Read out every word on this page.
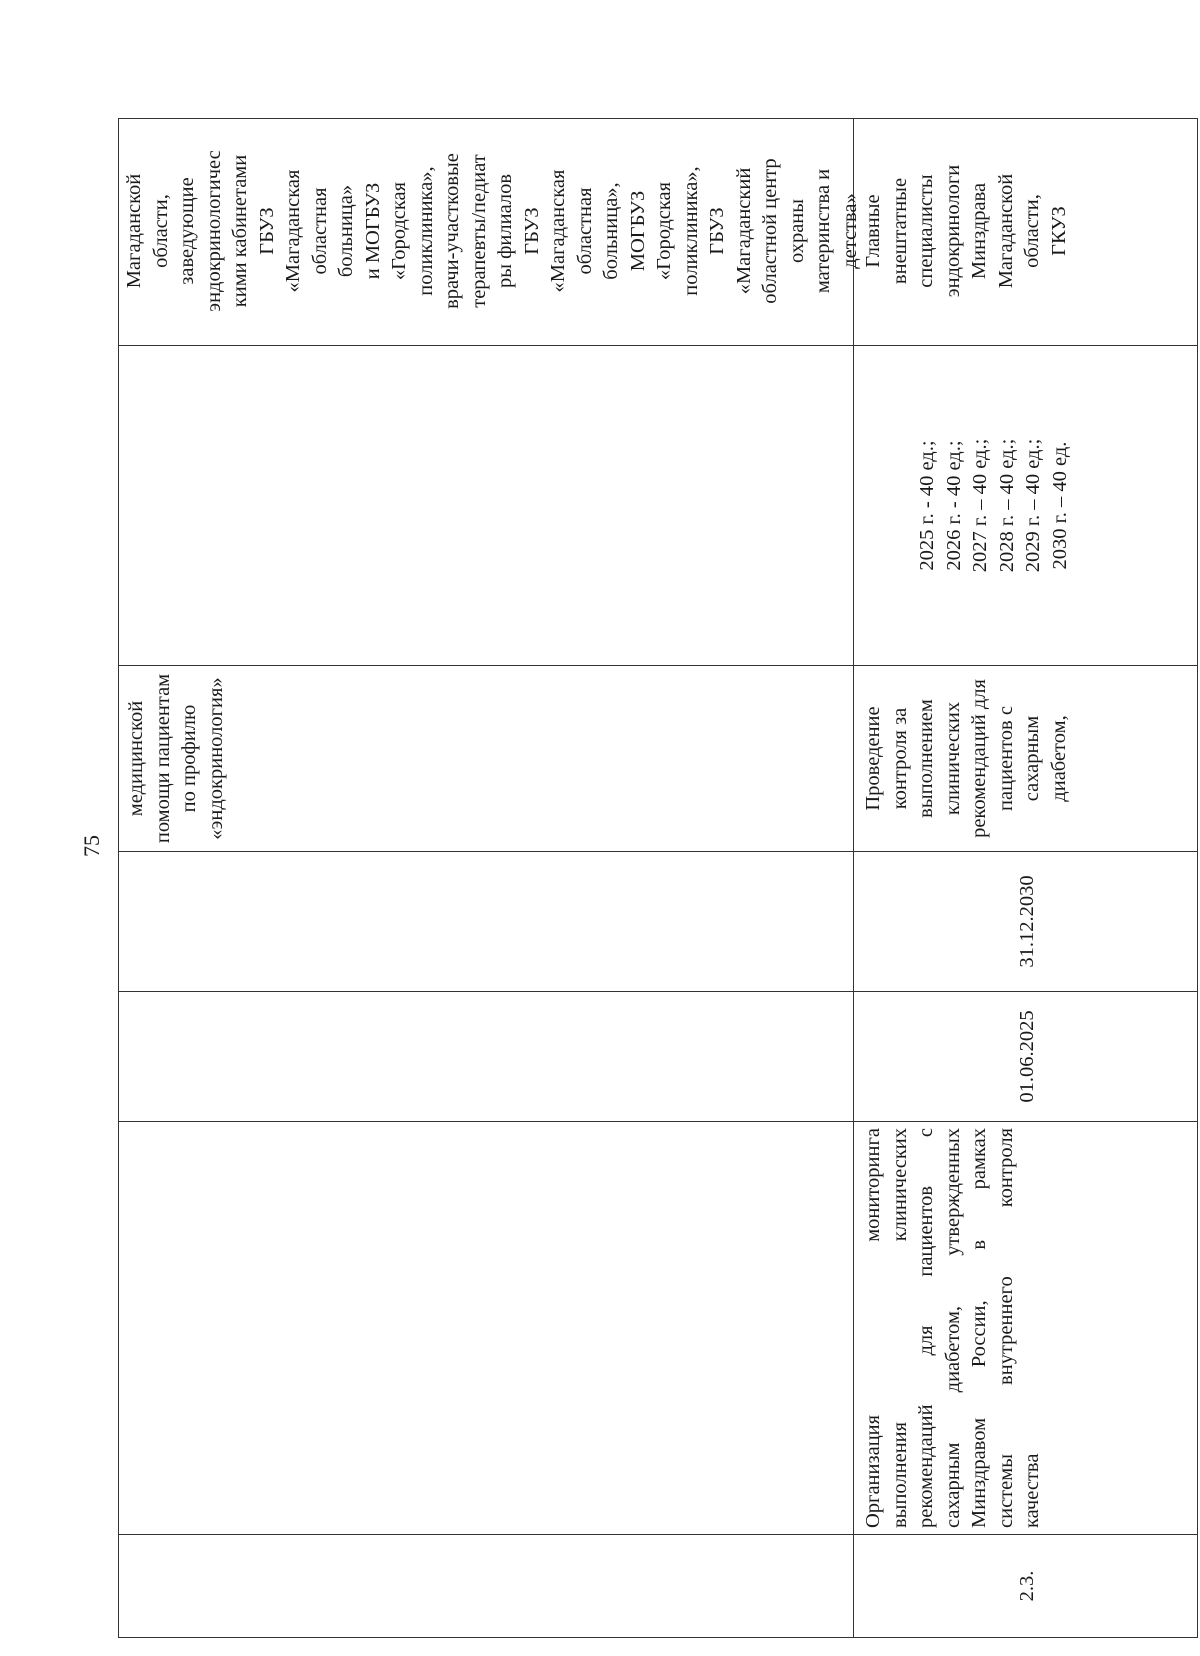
75
медицинской помощи пациентам по профилю «эндокринология»
Магаданской области, заведующие эндокринологичес кими кабинетами ГБУЗ «Магаданская областная больница» и МОГБУЗ «Городская поликлиника», врачи-участковые терапевты/педиат ры филиалов ГБУЗ «Магаданская областная больница», МОГБУЗ «Городская поликлиника», ГБУЗ «Магаданский областной центр охраны материнства и детства»
2.3.
Организация мониторинга выполнения клинических рекомендаций для пациентов с сахарным диабетом, утвержденных Минздравом России, в рамках системы внутреннего контроля качества
01.06.2025
31.12.2030
Проведение контроля за выполнением клинических рекомендаций для пациентов с сахарным диабетом,
2025 г. - 40 ед.; 2026 г. - 40 ед.; 2027 г. – 40 ед.; 2028 г. – 40 ед.; 2029 г. – 40 ед.; 2030 г. – 40 ед.
Главные внештатные специалисты эндокринологи Минздрава Магаданской области, ГКУЗ
